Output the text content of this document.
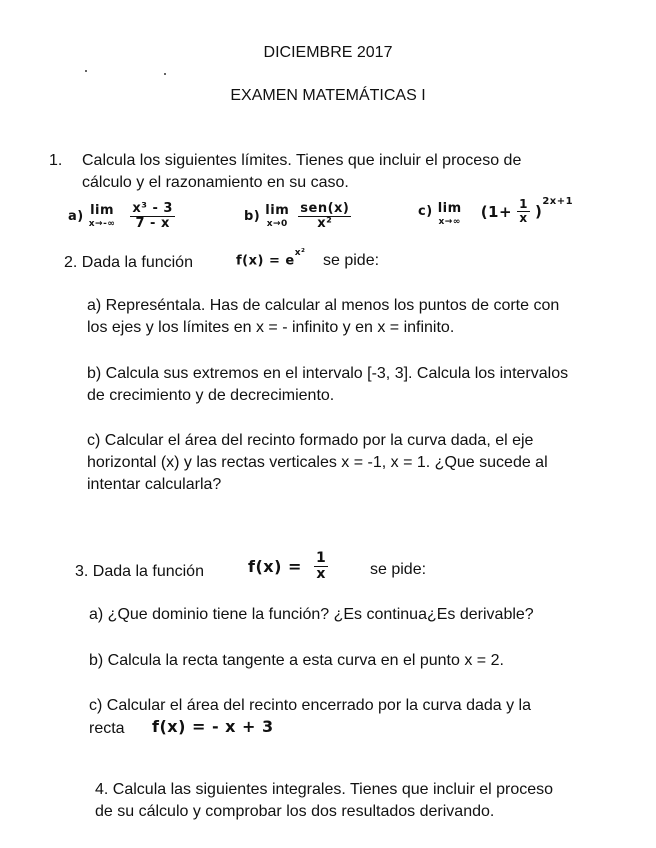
DICIEMBRE 2017
EXAMEN MATEMÁTICAS I
1. Calcula los siguientes límites. Tienes que incluir el proceso de
cálculo y el razonamiento en su caso.
a) lim
x→-∞
$\frac{\text{x³ - 3}}{7 - x}$	b) lim
x→0
$\frac{\text{sen(x)}}{\text{x²}}$	c) lim
x→∞
$(1+ \frac{1}{x} )^{2x+1}$
2. Dada la función	$f(x) = e^{x^2}$ se pide:
a) Represéntala. Has de calcular al menos los puntos de corte con
los ejes y los límites en x = - infinito y en x = infinito.
b) Calcula sus extremos en el intervalo [-3, 3]. Calcula los intervalos
de crecimiento y de decrecimiento.
c) Calcular el área del recinto formado por la curva dada, el eje
horizontal (x) y las rectas verticales x = -1, x = 1. ¿Que sucede al
intentar calcularla?
3. Dada la función	$f(x) = \frac{1}{x}$	se pide:
a) ¿Que dominio tiene la función? ¿Es continua¿Es derivable?
b) Calcula la recta tangente a esta curva en el punto x = 2.
c) Calcular el área del recinto encerrado por la curva dada y la
recta f(x) = - x + 3
4. Calcula las siguientes integrales. Tienes que incluir el proceso
de su cálculo y comprobar los dos resultados derivando.
